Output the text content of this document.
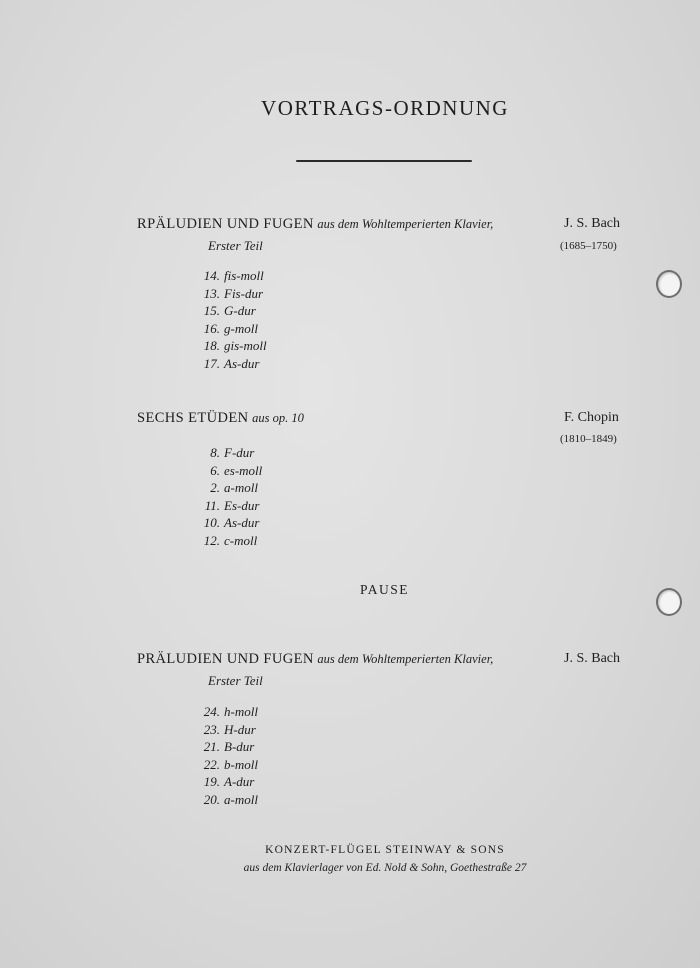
VORTRAGS-ORDNUNG
RPÄLUDIEN UND FUGEN aus dem Wohltemperierten Klavier,	J. S. Bach
(1685–1750)
Erster Teil
14. fis-moll
13. Fis-dur
15. G-dur
16. g-moll
18. gis-moll
17. As-dur
SECHS ETÜDEN aus op. 10	F. Chopin
(1810–1849)
8. F-dur
6. es-moll
2. a-moll
11. Es-dur
10. As-dur
12. c-moll
PAUSE
PRÄLUDIEN UND FUGEN aus dem Wohltemperierten Klavier,	J. S. Bach
Erster Teil
24. h-moll
23. H-dur
21. B-dur
22. b-moll
19. A-dur
20. a-moll
KONZERT-FLÜGEL STEINWAY & SONS
aus dem Klavierlager von Ed. Nold & Sohn, Goethestraße 27
